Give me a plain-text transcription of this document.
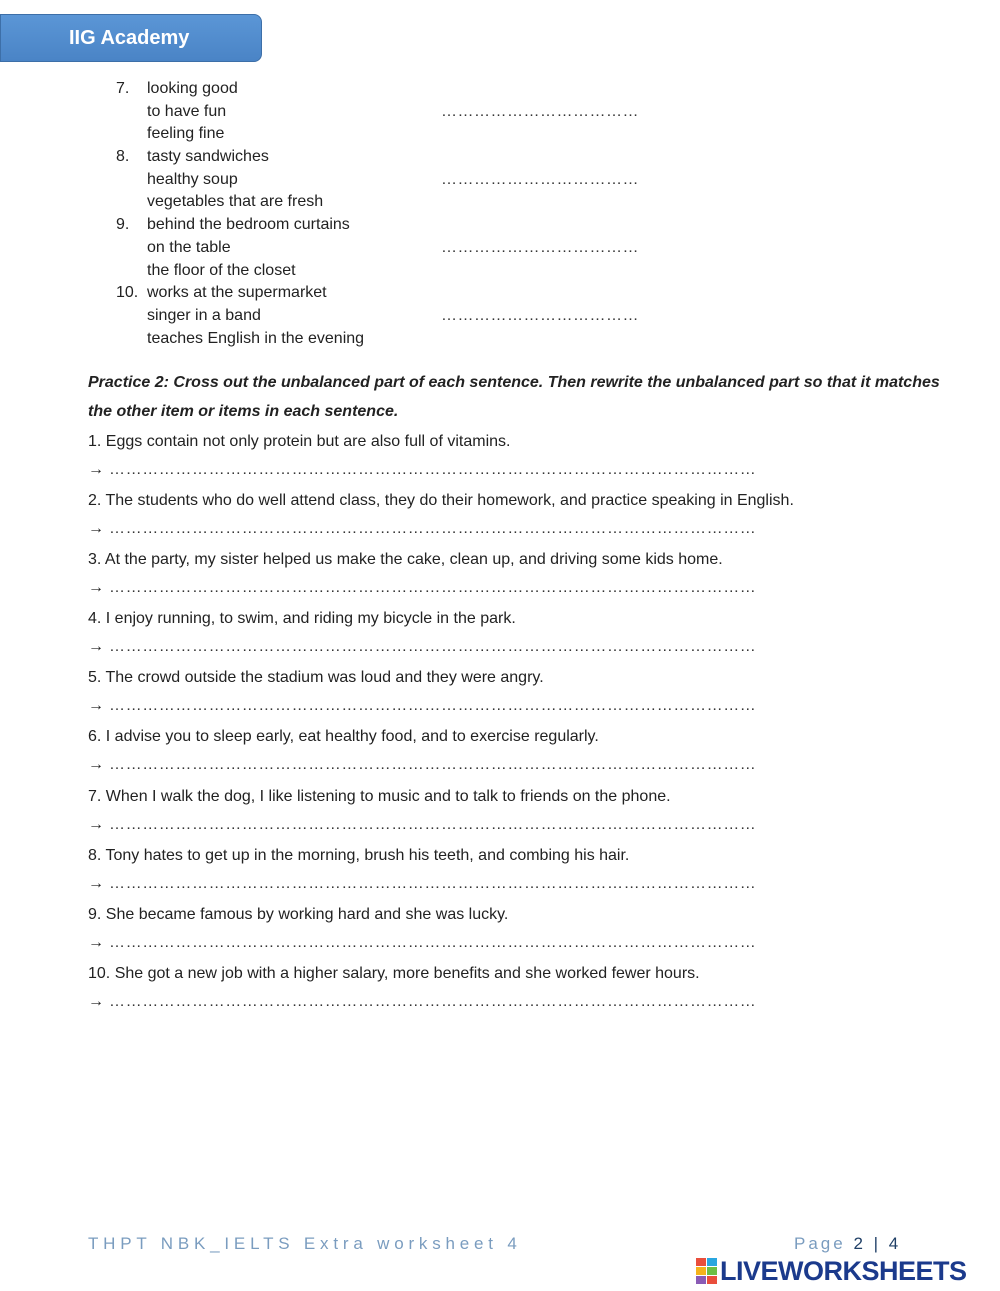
IIG Academy
7. looking good
to have fun	………………………………
feeling fine
8. tasty sandwiches
healthy soup	………………………………
vegetables that are fresh
9. behind the bedroom curtains
on the table	………………………………
the floor of the closet
10. works at the supermarket
singer in a band	………………………………
teaches English in the evening
Practice 2: Cross out the unbalanced part of each sentence. Then rewrite the unbalanced part so that it matches the other item or items in each sentence.
1. Eggs contain not only protein but are also full of vitamins.
→ ………………………………………………………………………………………………………
2. The students who do well attend class, they do their homework, and practice speaking in English.
→ ………………………………………………………………………………………………………
3. At the party, my sister helped us make the cake, clean up, and driving some kids home.
→ ………………………………………………………………………………………………………
4. I enjoy running, to swim, and riding my bicycle in the park.
→ ………………………………………………………………………………………………………
5. The crowd outside the stadium was loud and they were angry.
→ ………………………………………………………………………………………………………
6. I advise you to sleep early, eat healthy food, and to exercise regularly.
→ ………………………………………………………………………………………………………
7. When I walk the dog, I like listening to music and to talk to friends on the phone.
→ ………………………………………………………………………………………………………
8. Tony hates to get up in the morning, brush his teeth, and combing his hair.
→ ………………………………………………………………………………………………………
9. She became famous by working hard and she was lucky.
→ ………………………………………………………………………………………………………
10. She got a new job with a higher salary, more benefits and she worked fewer hours.
→ ………………………………………………………………………………………………………
THPT NBK_IELTS Extra worksheet 4	Page 2 | 4
LIVEWORKSHEETS
